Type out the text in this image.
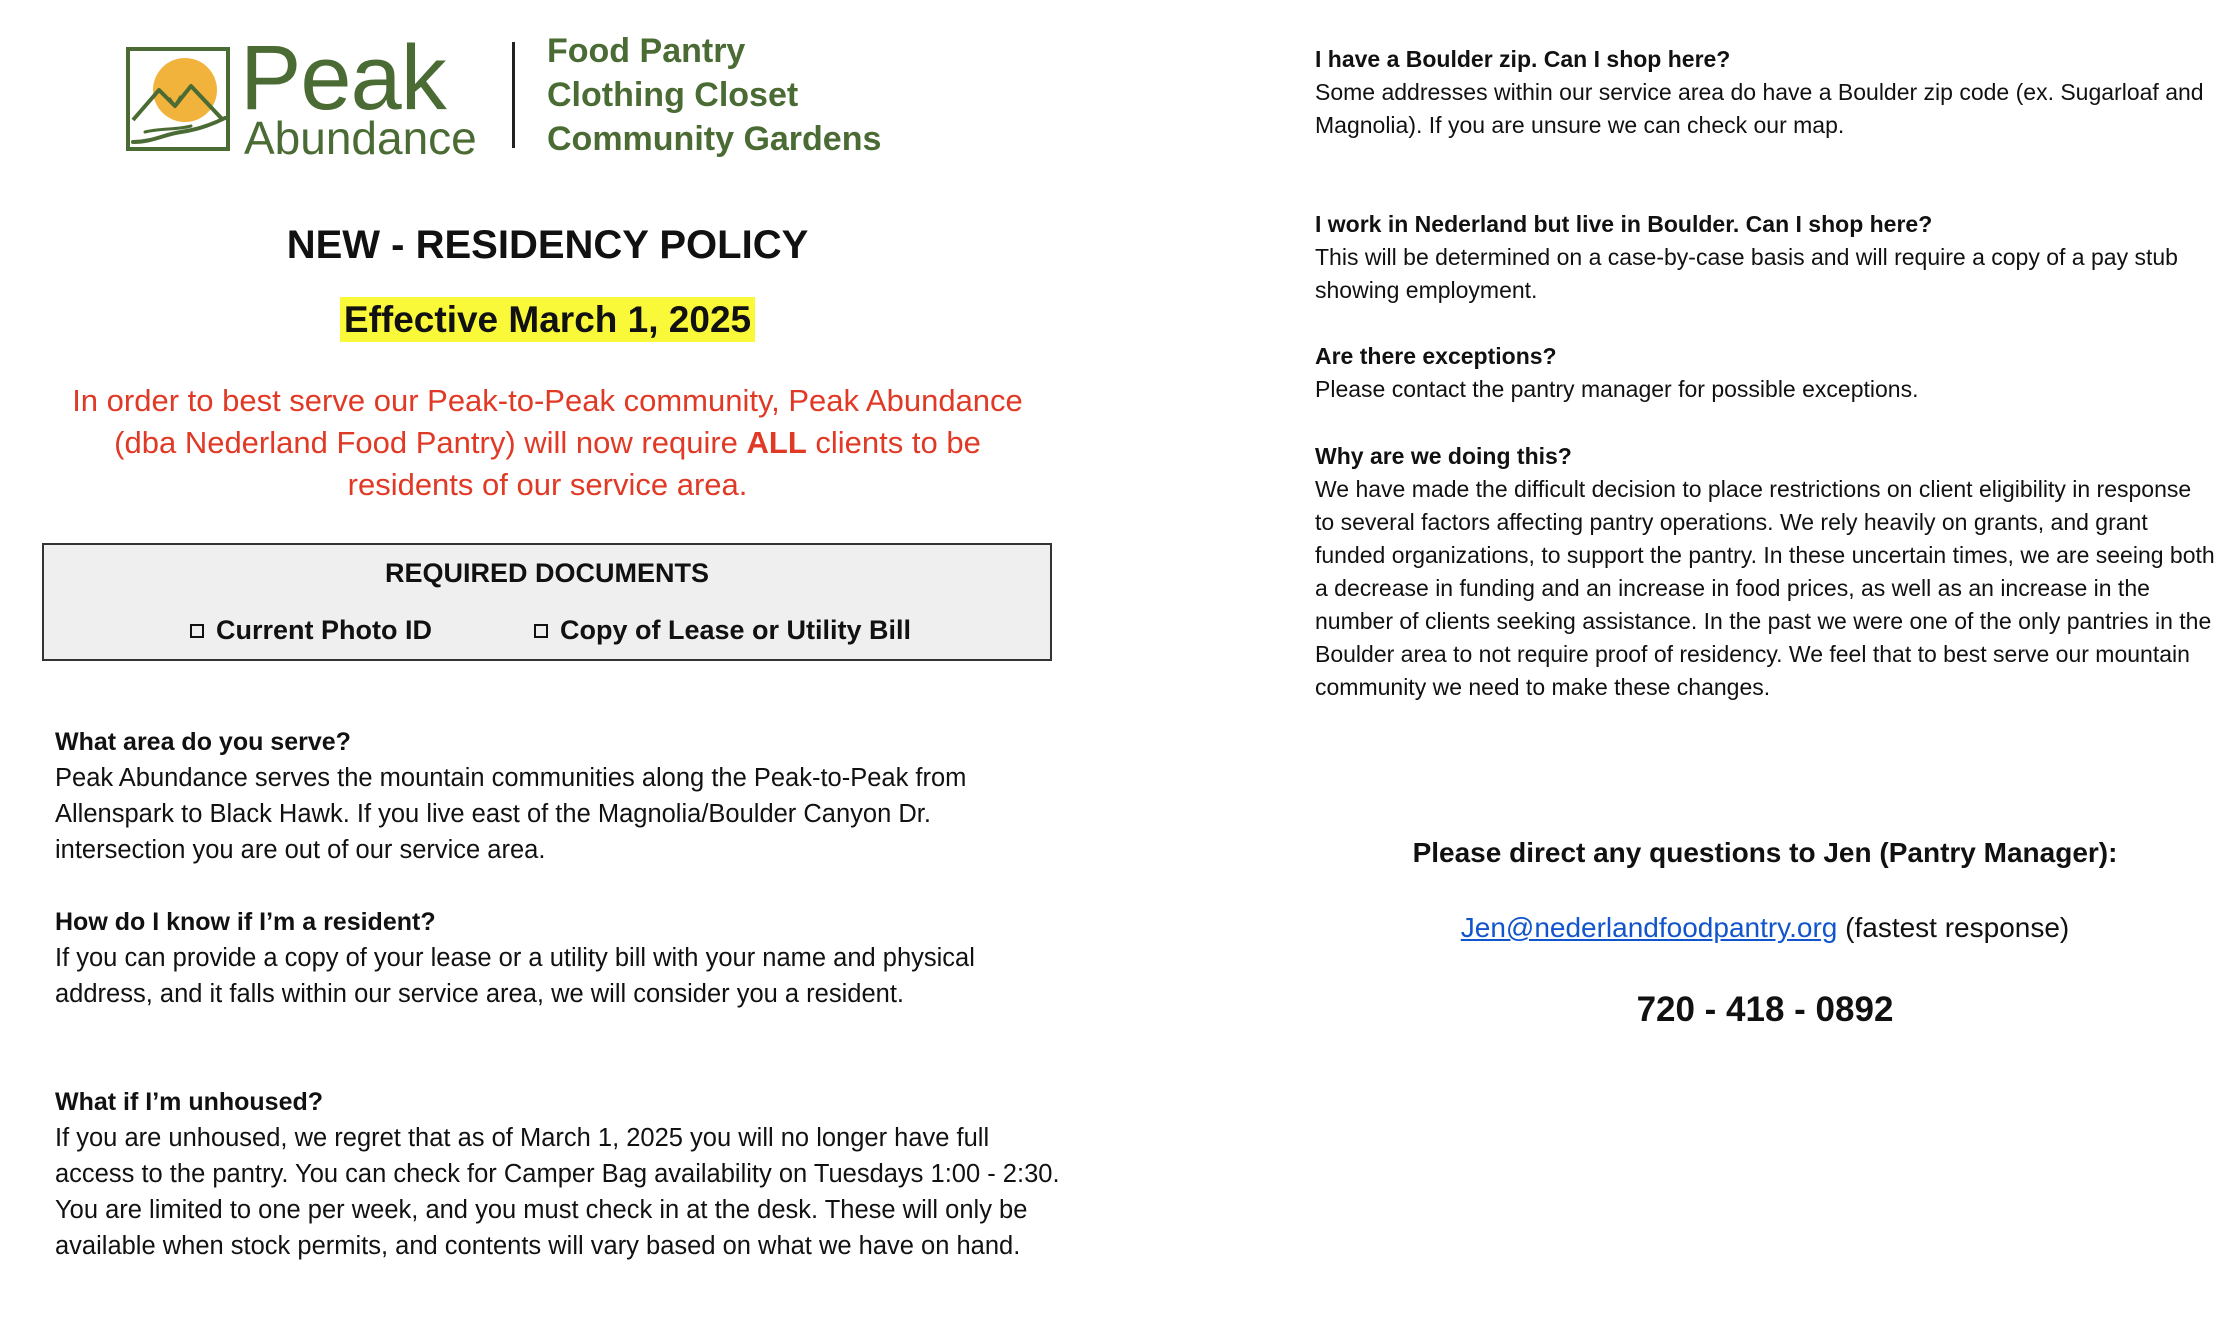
Peak
Abundance
Food Pantry
Clothing Closet
Community Gardens
NEW - RESIDENCY POLICY
Effective March 1, 2025
In order to best serve our Peak-to-Peak community, Peak Abundance (dba Nederland Food Pantry) will now require ALL clients to be residents of our service area.
REQUIRED DOCUMENTS
Current Photo ID	Copy of Lease or Utility Bill
What area do you serve?
Peak Abundance serves the mountain communities along the Peak-to-Peak from Allenspark to Black Hawk. If you live east of the Magnolia/Boulder Canyon Dr. intersection you are out of our service area.
How do I know if I’m a resident?
If you can provide a copy of your lease or a utility bill with your name and physical address, and it falls within our service area, we will consider you a resident.
What if I’m unhoused?
If you are unhoused, we regret that as of March 1, 2025 you will no longer have full access to the pantry. You can check for Camper Bag availability on Tuesdays 1:00 - 2:30. You are limited to one per week, and you must check in at the desk. These will only be available when stock permits, and contents will vary based on what we have on hand.
I have a Boulder zip. Can I shop here?
Some addresses within our service area do have a Boulder zip code (ex. Sugarloaf and Magnolia). If you are unsure we can check our map.
I work in Nederland but live in Boulder. Can I shop here?
This will be determined on a case-by-case basis and will require a copy of a pay stub showing employment.
Are there exceptions?
Please contact the pantry manager for possible exceptions.
Why are we doing this?
We have made the difficult decision to place restrictions on client eligibility in response to several factors affecting pantry operations. We rely heavily on grants, and grant funded organizations, to support the pantry. In these uncertain times, we are seeing both a decrease in funding and an increase in food prices, as well as an increase in the number of clients seeking assistance. In the past we were one of the only pantries in the Boulder area to not require proof of residency. We feel that to best serve our mountain community we need to make these changes.
Please direct any questions to Jen (Pantry Manager):
Jen@nederlandfoodpantry.org (fastest response)
720 - 418 - 0892
